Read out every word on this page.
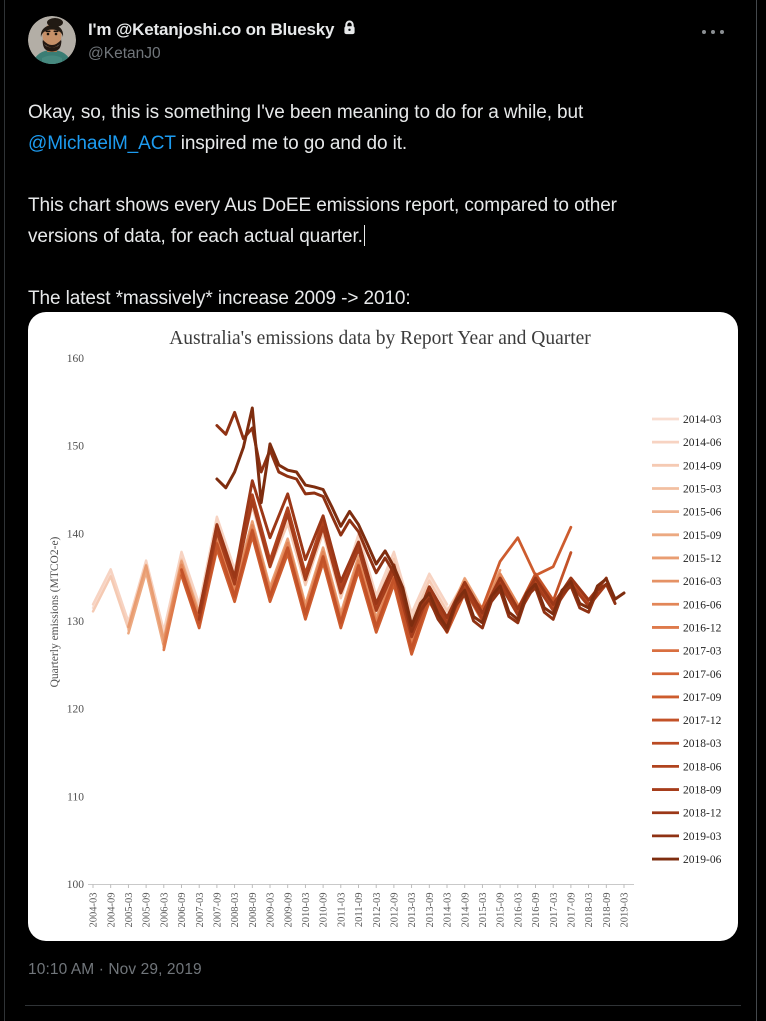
I'm @Ketanjoshi.co on Bluesky
@KetanJ0

Okay, so, this is something I've been meaning to do for a while, but
@MichaelM_ACT inspired me to go and do it.

This chart shows every Aus DoEE emissions report, compared to other
versions of data, for each actual quarter.

The latest *massively* increase 2009 -> 2010:

Australia's emissions data by Report Year and Quarter
100
110
120
130
140
150
160
Quarterly emissions (MTCO2-e)
2004-03 2004-09 2005-03 2005-09 2006-03 2006-09 2007-03 2007-09 2008-03 2008-09 2009-03 2009-09 2010-03 2010-09 2011-03 2011-09 2012-03 2012-09 2013-03 2013-09 2014-03 2014-09 2015-03 2015-09 2016-03 2016-09 2017-03 2017-09 2018-03 2018-09 2019-03
2014-03
2014-06
2014-09
2015-03
2015-06
2015-09
2015-12
2016-03
2016-06
2016-12
2017-03
2017-06
2017-09
2017-12
2018-03
2018-06
2018-09
2018-12
2019-03
2019-06
10:10 AM · Nov 29, 2019
